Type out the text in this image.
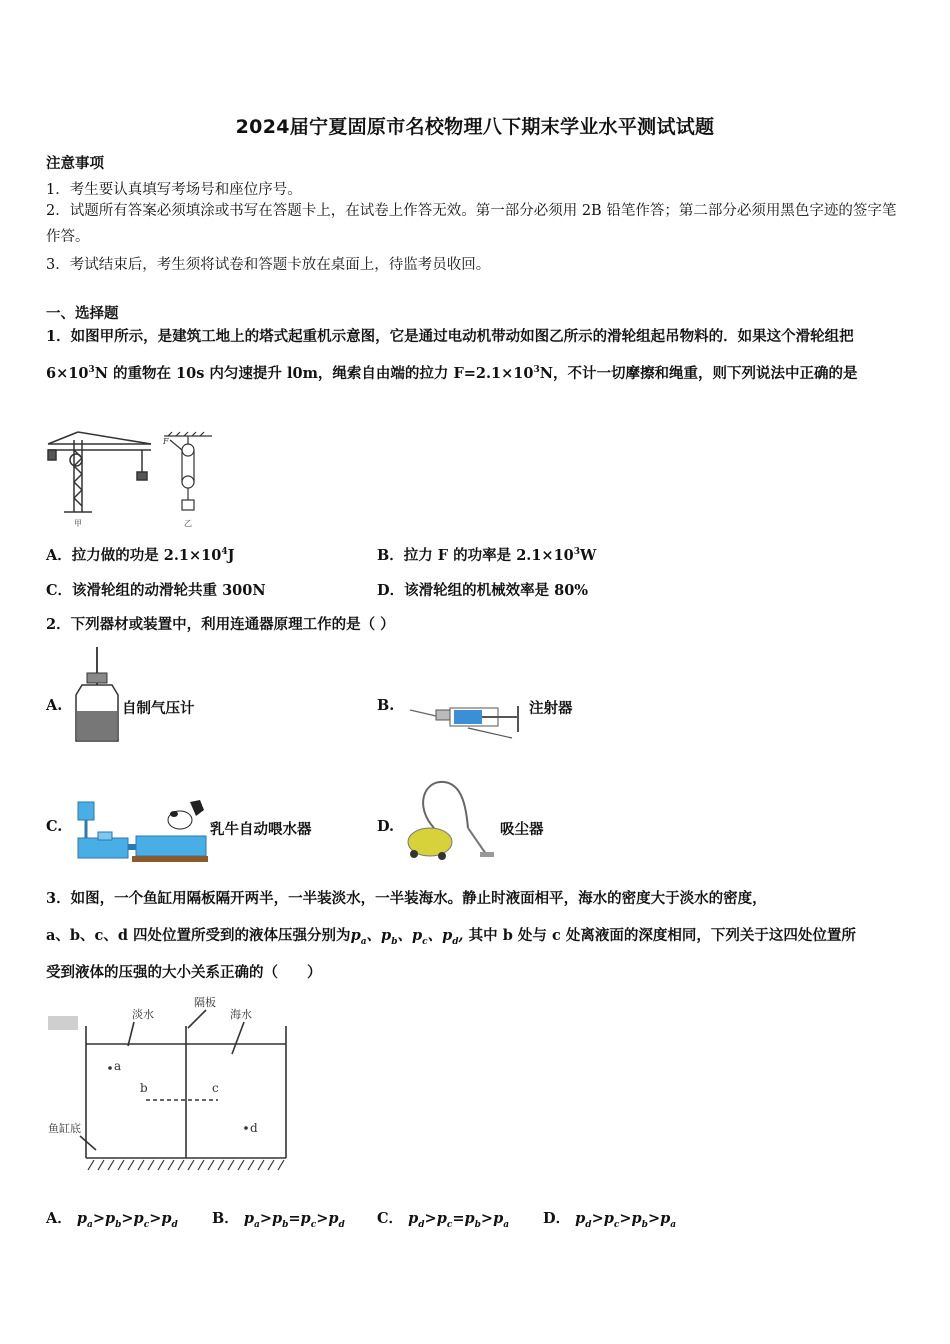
2024届宁夏固原市名校物理八下期末学业水平测试试题
注意事项
1．考生要认真填写考场号和座位序号。
2．试题所有答案必须填涂或书写在答题卡上，在试卷上作答无效。第一部分必须用 2B 铅笔作答；第二部分必须用黑色字迹的签字笔作答。
3．考试结束后，考生须将试卷和答题卡放在桌面上，待监考员收回。
一、选择题
1．如图甲所示，是建筑工地上的塔式起重机示意图，它是通过电动机带动如图乙所示的滑轮组起吊物料的．如果这个滑轮组把 $6\times 10^3N$ 的重物在 10s 内匀速提升 l0m，绳索自由端的拉力 $F=2.1\times 10^3N$，不计一切摩擦和绳重，则下列说法中正确的是
甲
F
乙
A．拉力做的功是 $2.1\times 10^4J$	B．拉力 F 的功率是 $2.1\times 10^3W$
C．该滑轮组的动滑轮共重 300N	D．该滑轮组的机械效率是 80%
2．下列器材或装置中，利用连通器原理工作的是（ ）
A.	自制气压计	B.	注射器
C.	乳牛自动喂水器	D.	吸尘器
3．如图，一个鱼缸用隔板隔开两半，一半装淡水，一半装海水。静止时液面相平，海水的密度大于淡水的密度，
a、b、c、d 四处位置所受到的液体压强分别为$p_a$、$p_b$、$p_c$、$p_d$, 其中 b 处与 c 处离液面的深度相同，下列关于这四处位置所
受到液体的压强的大小关系正确的（　　）
淡水
隔板
海水
鱼缸底
a
b	c
d
A． $p_a>p_b>p_c>p_d$ B． $p_a>p_b=p_c>p_d$ C． $p_d>p_c=p_b>p_a$ D． $p_d>p_c>p_b>p_a$
